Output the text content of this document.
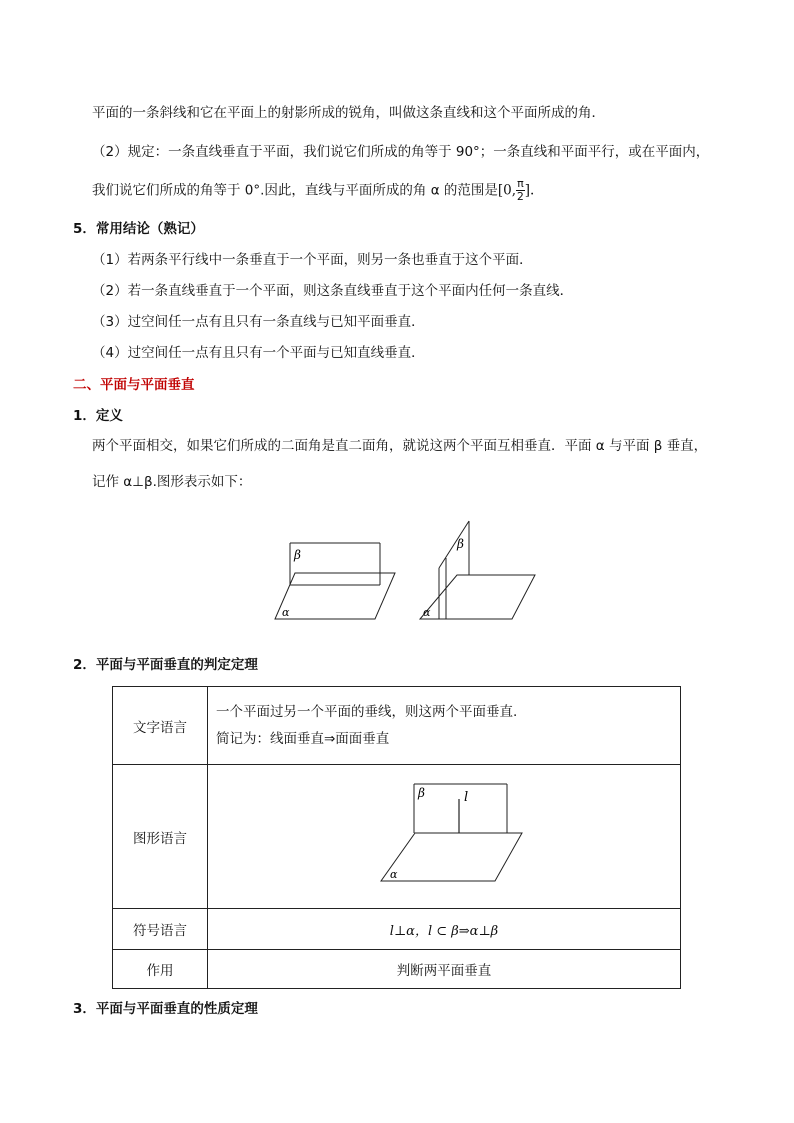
平面的一条斜线和它在平面上的射影所成的锐角，叫做这条直线和这个平面所成的角．
（2）规定：一条直线垂直于平面，我们说它们所成的角等于 90°；一条直线和平面平行，或在平面内，
我们说它们所成的角等于 0°.因此，直线与平面所成的角 α 的范围是[0, $\frac{\pi}{2}$ ].
5．常用结论（熟记）
（1）若两条平行线中一条垂直于一个平面，则另一条也垂直于这个平面．
（2）若一条直线垂直于一个平面，则这条直线垂直于这个平面内任何一条直线．
（3）过空间任一点有且只有一条直线与已知平面垂直．
（4）过空间任一点有且只有一个平面与已知直线垂直．
二、平面与平面垂直
1．定义
两个平面相交，如果它们所成的二面角是直二面角，就说这两个平面互相垂直．平面 α 与平面 β 垂直，
记作 α⊥β.图形表示如下：
β
α
β
α
2．平面与平面垂直的判定定理
文字语言	一个平面过另一个平面的垂线，则这两个平面垂直.
简记为：线面垂直⇒面面垂直

图形语言	β l
α

符号语言	l⊥α，l ⊂ β⇒α⊥β
作用	判断两平面垂直
3．平面与平面垂直的性质定理
